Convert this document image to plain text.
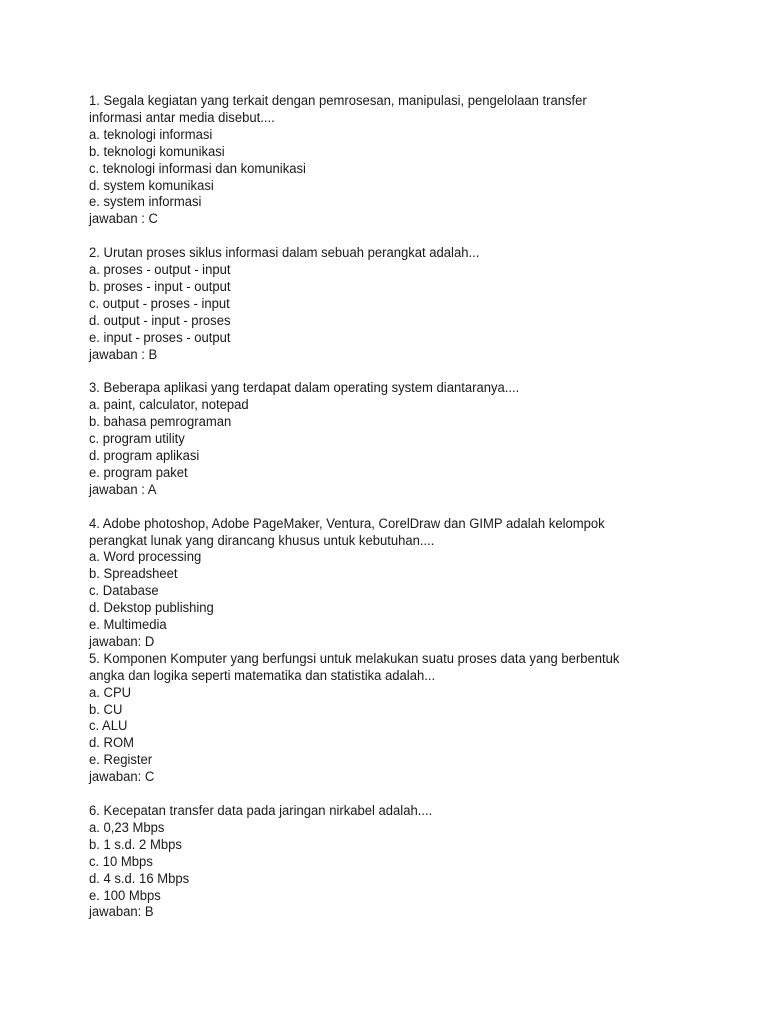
1. Segala kegiatan yang terkait dengan pemrosesan, manipulasi, pengelolaan transfer
informasi antar media disebut....
a. teknologi informasi
b. teknologi komunikasi
c. teknologi informasi dan komunikasi
d. system komunikasi
e. system informasi
jawaban : C
2. Urutan proses siklus informasi dalam sebuah perangkat adalah...
a. proses - output - input
b. proses - input - output
c. output - proses - input
d. output - input - proses
e. input - proses - output
jawaban : B
3. Beberapa aplikasi yang terdapat dalam operating system diantaranya....
a. paint, calculator, notepad
b. bahasa pemrograman
c. program utility
d. program aplikasi
e. program paket
jawaban : A
4. Adobe photoshop, Adobe PageMaker, Ventura, CorelDraw dan GIMP adalah kelompok
perangkat lunak yang dirancang khusus untuk kebutuhan....
a. Word processing
b. Spreadsheet
c. Database
d. Dekstop publishing
e. Multimedia
jawaban: D
5. Komponen Komputer yang berfungsi untuk melakukan suatu proses data yang berbentuk
angka dan logika seperti matematika dan statistika adalah...
a. CPU
b. CU
c. ALU
d. ROM
e. Register
jawaban: C
6. Kecepatan transfer data pada jaringan nirkabel adalah....
a. 0,23 Mbps
b. 1 s.d. 2 Mbps
c. 10 Mbps
d. 4 s.d. 16 Mbps
e. 100 Mbps
jawaban: B
